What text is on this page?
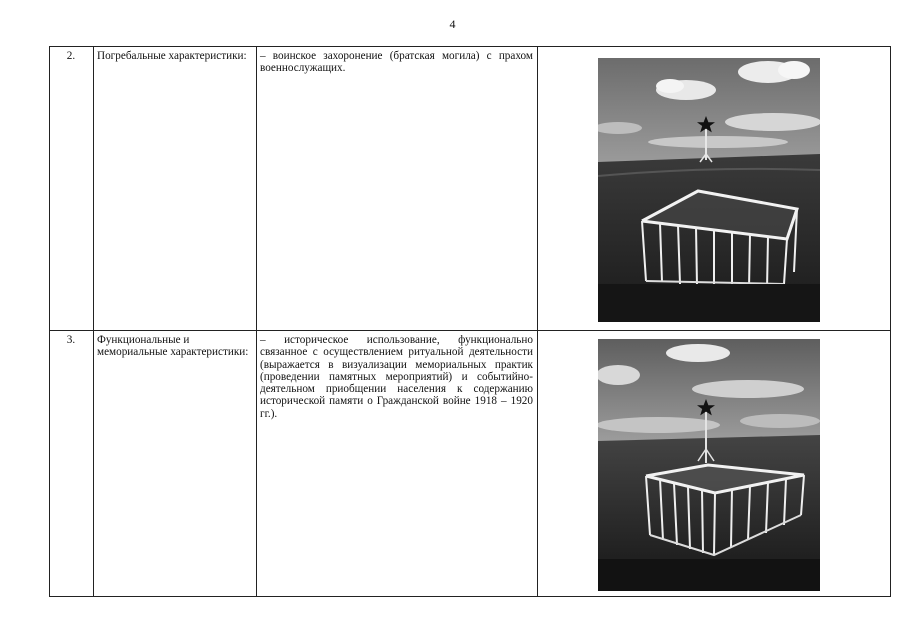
4
2.	Погребальные характеристики:	– воинское захоронение (братская могила) с прахом военнослужащих.	

3.	Функциональные и мемориальные характеристики:	– историческое использование, функционально связанное с осуществлением ритуальной деятельности (выражается в визуализации мемориальных практик (проведении памятных мероприятий) и событийно-деятельном приобщении населения к содержанию исторической памяти о Гражданской войне 1918 – 1920 гг.).	
